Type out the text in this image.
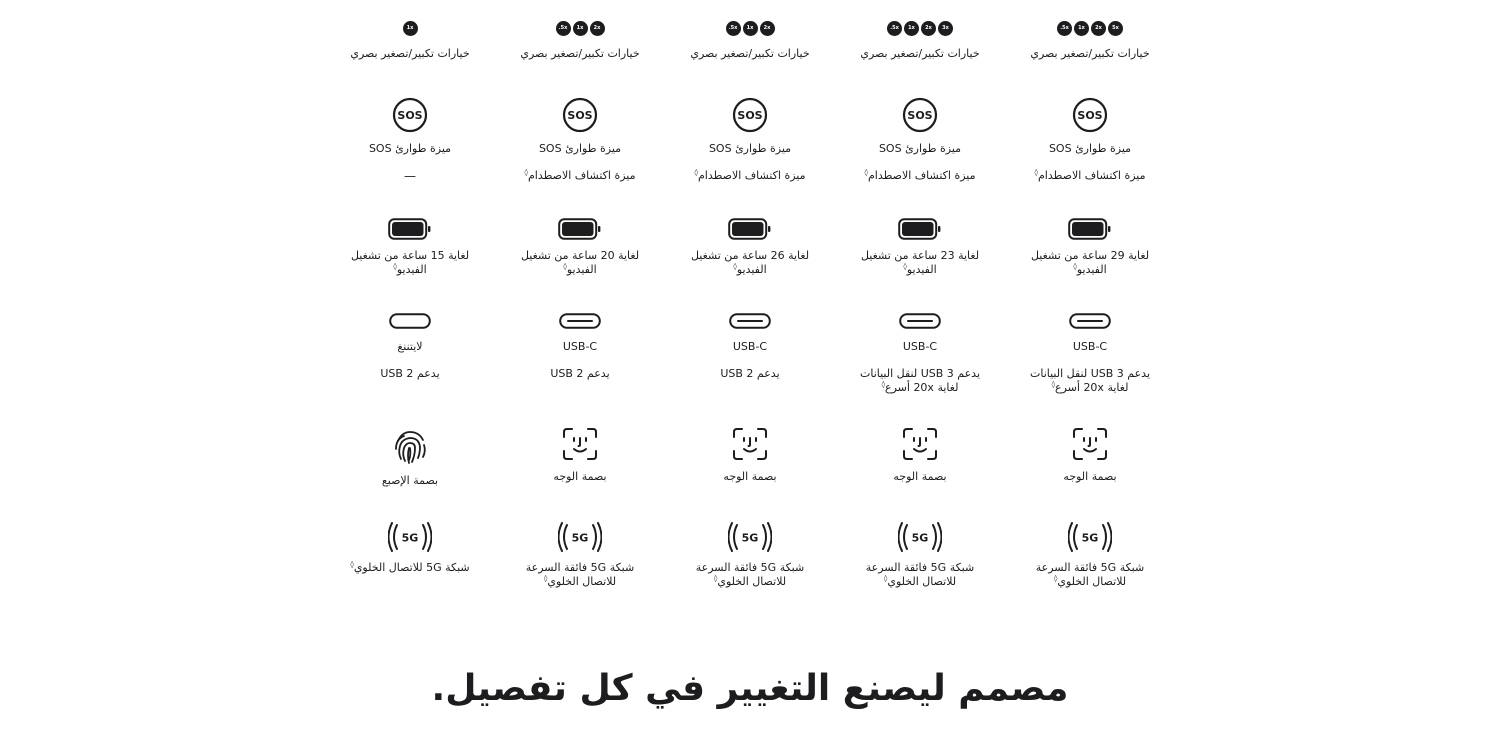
1x
خيارات تكبير/تصغير بصري
SOS
ميزة طوارئ SOS
—
لغاية 15 ساعة من تشغيل
الفيديو◊
لايتننغ
يدعم USB 2
بصمة الإصبع
5G
شبكة 5G للاتصال الخلوي◊
.5x	1x	2x
خيارات تكبير/تصغير بصري
SOS
ميزة طوارئ SOS
ميزة اكتشاف الاصطدام◊
لغاية 20 ساعة من تشغيل
الفيديو◊
USB-C
يدعم USB 2
بصمة الوجه
5G
شبكة 5G فائقة السرعة
للاتصال الخلوي◊
.5x	1x	2x
خيارات تكبير/تصغير بصري
SOS
ميزة طوارئ SOS
ميزة اكتشاف الاصطدام◊
لغاية 26 ساعة من تشغيل
الفيديو◊
USB-C
يدعم USB 2
بصمة الوجه
5G
شبكة 5G فائقة السرعة
للاتصال الخلوي◊
.5x	1x	2x	3x
خيارات تكبير/تصغير بصري
SOS
ميزة طوارئ SOS
ميزة اكتشاف الاصطدام◊
لغاية 23 ساعة من تشغيل
الفيديو◊
USB-C
يدعم USB 3 لنقل البيانات
لغاية 20x أسرع◊
بصمة الوجه
5G
شبكة 5G فائقة السرعة
للاتصال الخلوي◊
.5x	1x	2x	5x
خيارات تكبير/تصغير بصري
SOS
ميزة طوارئ SOS
ميزة اكتشاف الاصطدام◊
لغاية 29 ساعة من تشغيل
الفيديو◊
USB-C
يدعم USB 3 لنقل البيانات
لغاية 20x أسرع◊
بصمة الوجه
5G
شبكة 5G فائقة السرعة
للاتصال الخلوي◊
مصمم ليصنع التغيير في كل تفصيل.
